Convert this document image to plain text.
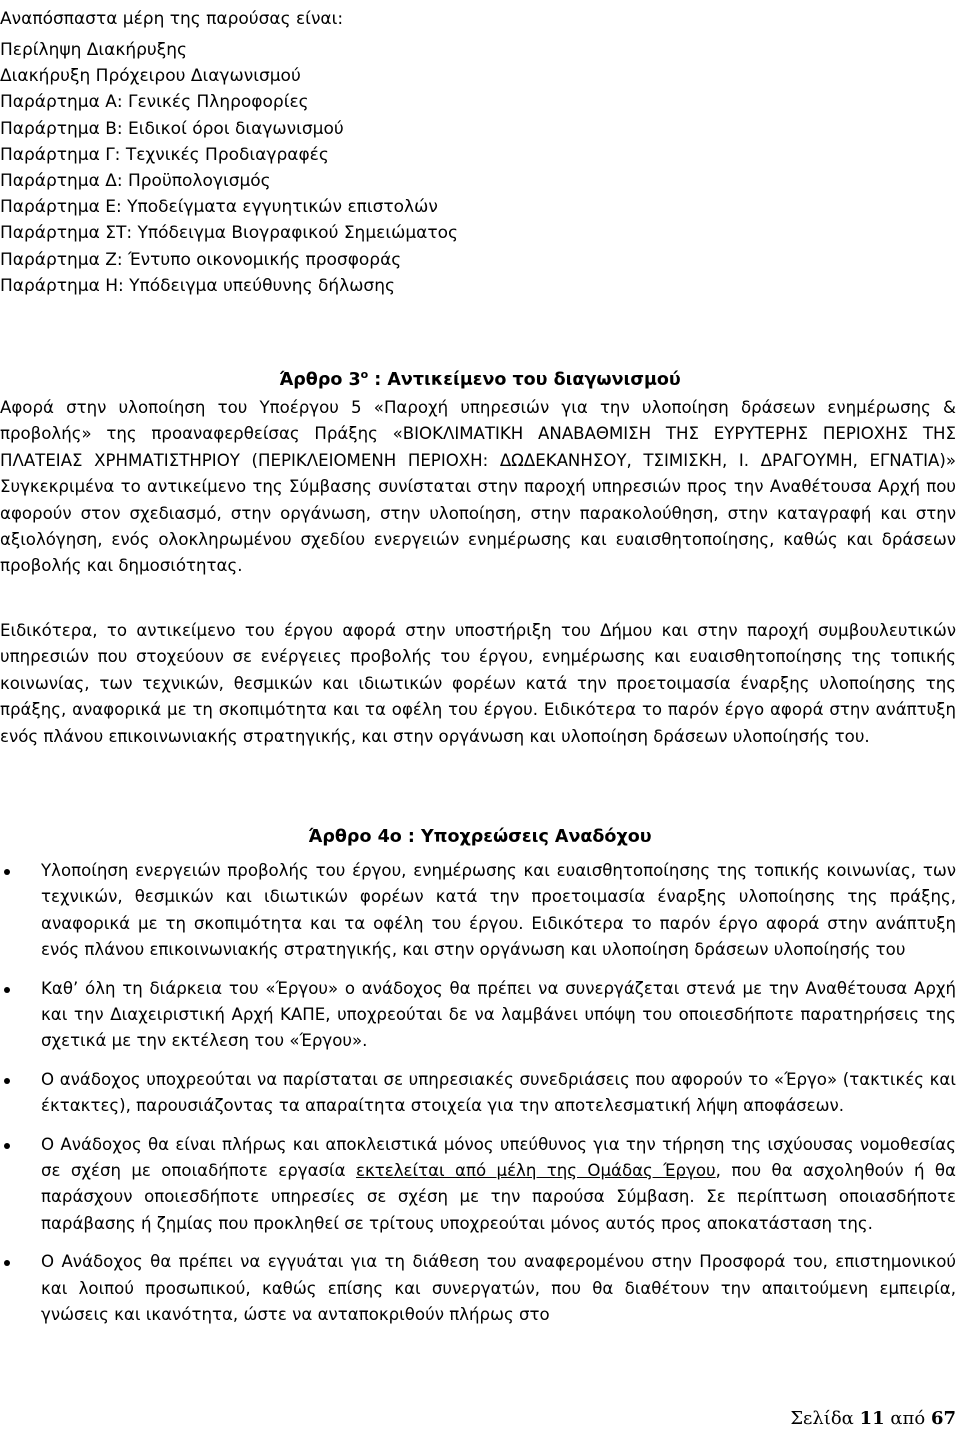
Αναπόσπαστα μέρη της παρούσας είναι:
Περίληψη Διακήρυξης
Διακήρυξη Πρόχειρου Διαγωνισμού
Παράρτημα Α: Γενικές Πληροφορίες
Παράρτημα Β: Ειδικοί όροι διαγωνισμού
Παράρτημα Γ: Τεχνικές Προδιαγραφές
Παράρτημα Δ: Προϋπολογισμός
Παράρτημα Ε: Υποδείγματα εγγυητικών επιστολών
Παράρτημα ΣΤ: Υπόδειγμα Βιογραφικού Σημειώματος
Παράρτημα Ζ: Έντυπο οικονομικής προσφοράς
Παράρτημα Η: Υπόδειγμα υπεύθυνης δήλωσης
Άρθρο $3^o$ : Αντικείμενο του διαγωνισμού

Αφορά στην υλοποίηση του Υποέργου 5 «Παροχή υπηρεσιών για την υλοποίηση δράσεων ενημέρωσης & προβολής» της προαναφερθείσας Πράξης «ΒΙΟΚΛΙΜΑΤΙΚΗ ΑΝΑΒΑΘΜΙΣΗ ΤΗΣ ΕΥΡΥΤΕΡΗΣ ΠΕΡΙΟΧΗΣ ΤΗΣ ΠΛΑΤΕΙΑΣ ΧΡΗΜΑΤΙΣΤΗΡΙΟΥ (ΠΕΡΙΚΛΕΙΟΜΕΝΗ ΠΕΡΙΟΧΗ: ΔΩΔΕΚΑΝΗΣΟΥ, ΤΣΙΜΙΣΚΗ, Ι. ΔΡΑΓΟΥΜΗ, ΕΓΝΑΤΙΑ)» Συγκεκριμένα το αντικείμενο της Σύμβασης συνίσταται στην παροχή υπηρεσιών προς την Αναθέτουσα Αρχή που αφορούν στον σχεδιασμό, στην οργάνωση, στην υλοποίηση, στην παρακολούθηση, στην καταγραφή και στην αξιολόγηση, ενός ολοκληρωμένου σχεδίου ενεργειών ενημέρωσης και ευαισθητοποίησης, καθώς και δράσεων προβολής και δημοσιότητας.

Ειδικότερα, το αντικείμενο του έργου αφορά στην υποστήριξη του Δήμου και στην παροχή συμβουλευτικών υπηρεσιών που στοχεύουν σε ενέργειες προβολής του έργου, ενημέρωσης και ευαισθητοποίησης της τοπικής κοινωνίας, των τεχνικών, θεσμικών και ιδιωτικών φορέων κατά την προετοιμασία έναρξης υλοποίησης της πράξης, αναφορικά με τη σκοπιμότητα και τα οφέλη του έργου. Ειδικότερα το παρόν έργο αφορά στην ανάπτυξη ενός πλάνου επικοινωνιακής στρατηγικής, και στην οργάνωση και υλοποίηση δράσεων υλοποίησής του.

Άρθρο 4ο : Υποχρεώσεις Αναδόχου
Υλοποίηση ενεργειών προβολής του έργου, ενημέρωσης και ευαισθητοποίησης της τοπικής κοινωνίας, των τεχνικών, θεσμικών και ιδιωτικών φορέων κατά την προετοιμασία έναρξης υλοποίησης της πράξης, αναφορικά με τη σκοπιμότητα και τα οφέλη του έργου. Ειδικότερα το παρόν έργο αφορά στην ανάπτυξη ενός πλάνου επικοινωνιακής στρατηγικής, και στην οργάνωση και υλοποίηση δράσεων υλοποίησής του
Καθ’ όλη τη διάρκεια του «Έργου» ο ανάδοχος θα πρέπει να συνεργάζεται στενά με την Αναθέτουσα Αρχή και την Διαχειριστική Αρχή ΚΑΠΕ, υποχρεούται δε να λαμβάνει υπόψη του οποιεσδήποτε παρατηρήσεις της σχετικά με την εκτέλεση του «Έργου».
Ο ανάδοχος υποχρεούται να παρίσταται σε υπηρεσιακές συνεδριάσεις που αφορούν το «Έργο» (τακτικές και έκτακτες), παρουσιάζοντας τα απαραίτητα στοιχεία για την αποτελεσματική λήψη αποφάσεων.
Ο Ανάδοχος θα είναι πλήρως και αποκλειστικά μόνος υπεύθυνος για την τήρηση της ισχύουσας νομοθεσίας σε σχέση με οποιαδήποτε εργασία εκτελείται από μέλη της Ομάδας Έργου, που θα ασχοληθούν ή θα παράσχουν οποιεσδήποτε υπηρεσίες σε σχέση με την παρούσα Σύμβαση. Σε περίπτωση οποιασδήποτε παράβασης ή ζημίας που προκληθεί σε τρίτους υποχρεούται μόνος αυτός προς αποκατάσταση της.
Ο Ανάδοχος θα πρέπει να εγγυάται για τη διάθεση του αναφερομένου στην Προσφορά του, επιστημονικού και λοιπού προσωπικού, καθώς επίσης και συνεργατών, που θα διαθέτουν την απαιτούμενη εμπειρία, γνώσεις και ικανότητα, ώστε να ανταποκριθούν πλήρως στο
Σελίδα 11 από 67
